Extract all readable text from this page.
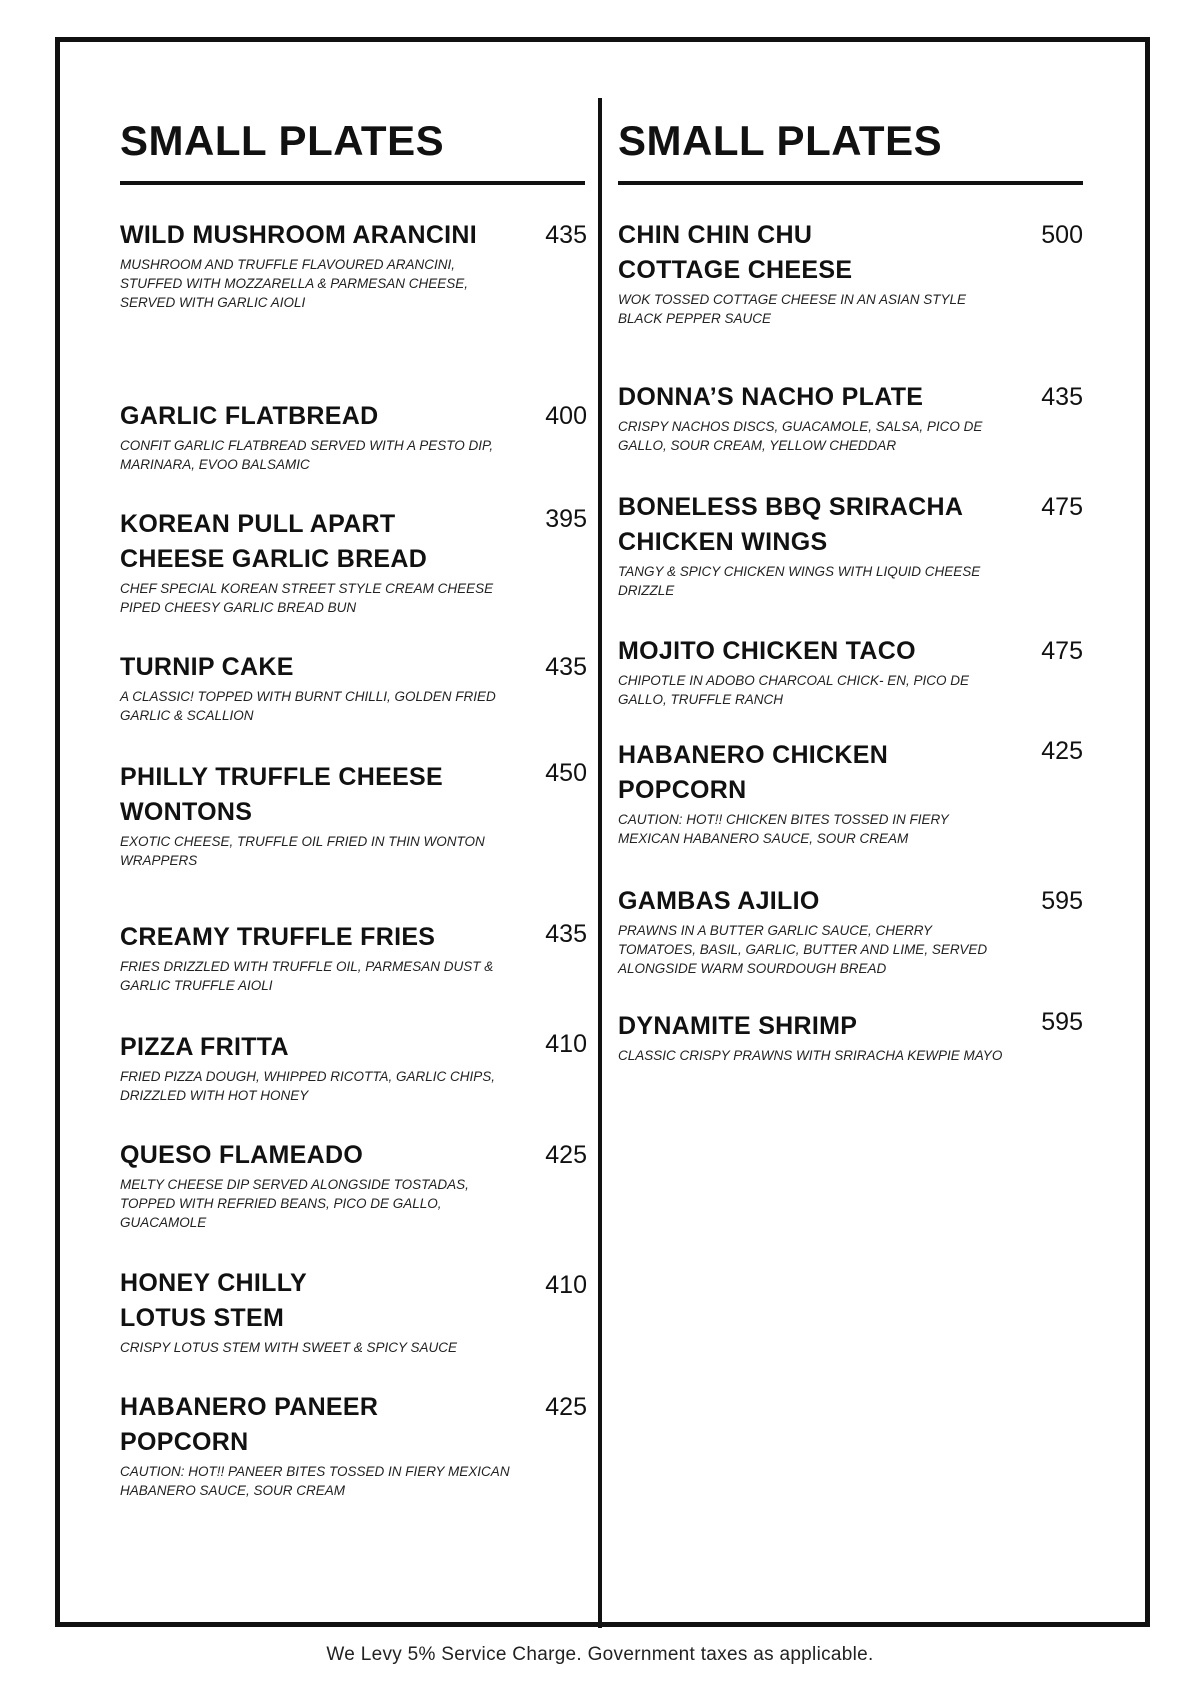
SMALL PLATES
WILD MUSHROOM ARANCINI	435
MUSHROOM AND TRUFFLE FLAVOURED ARANCINI, STUFFED WITH MOZZARELLA & PARMESAN CHEESE, SERVED WITH GARLIC AIOLI
GARLIC FLATBREAD	400
CONFIT GARLIC FLATBREAD SERVED WITH A PESTO DIP, MARINARA, EVOO BALSAMIC
KOREAN PULL APART CHEESE GARLIC BREAD
395
CHEF SPECIAL KOREAN STREET STYLE CREAM CHEESE PIPED CHEESY GARLIC BREAD BUN
TURNIP CAKE	435
A CLASSIC! TOPPED WITH BURNT CHILLI, GOLDEN FRIED GARLIC & SCALLION
PHILLY TRUFFLE CHEESE WONTONS
450
EXOTIC CHEESE, TRUFFLE OIL FRIED IN THIN WONTON WRAPPERS
CREAMY TRUFFLE FRIES	435
FRIES DRIZZLED WITH TRUFFLE OIL, PARMESAN DUST & GARLIC TRUFFLE AIOLI
PIZZA FRITTA	410
FRIED PIZZA DOUGH, WHIPPED RICOTTA, GARLIC CHIPS, DRIZZLED WITH HOT HONEY
QUESO FLAMEADO	425
MELTY CHEESE DIP SERVED ALONGSIDE TOSTADAS, TOPPED WITH REFRIED BEANS, PICO DE GALLO, GUACAMOLE
HONEY CHILLY LOTUS STEM
410
CRISPY LOTUS STEM WITH SWEET & SPICY SAUCE
HABANERO PANEER POPCORN
425
CAUTION: HOT!! PANEER BITES TOSSED IN FIERY MEXICAN HABANERO SAUCE, SOUR CREAM
SMALL PLATES
CHIN CHIN CHU COTTAGE CHEESE
500
WOK TOSSED COTTAGE CHEESE IN AN ASIAN STYLE BLACK PEPPER SAUCE
DONNA’S NACHO PLATE	435
CRISPY NACHOS DISCS, GUACAMOLE, SALSA, PICO DE GALLO, SOUR CREAM, YELLOW CHEDDAR
BONELESS BBQ SRIRACHA CHICKEN WINGS
475
TANGY & SPICY CHICKEN WINGS WITH LIQUID CHEESE DRIZZLE
MOJITO CHICKEN TACO	475
CHIPOTLE IN ADOBO CHARCOAL CHICK- EN, PICO DE GALLO, TRUFFLE RANCH
HABANERO CHICKEN POPCORN
425
CAUTION: HOT!! CHICKEN BITES TOSSED IN FIERY MEXICAN HABANERO SAUCE, SOUR CREAM
GAMBAS AJILIO	595
PRAWNS IN A BUTTER GARLIC SAUCE, CHERRY TOMATOES, BASIL, GARLIC, BUTTER AND LIME, SERVED ALONGSIDE WARM SOURDOUGH BREAD
DYNAMITE SHRIMP	595
CLASSIC CRISPY PRAWNS WITH SRIRACHA KEWPIE MAYO
We Levy 5% Service Charge. Government taxes as applicable.
